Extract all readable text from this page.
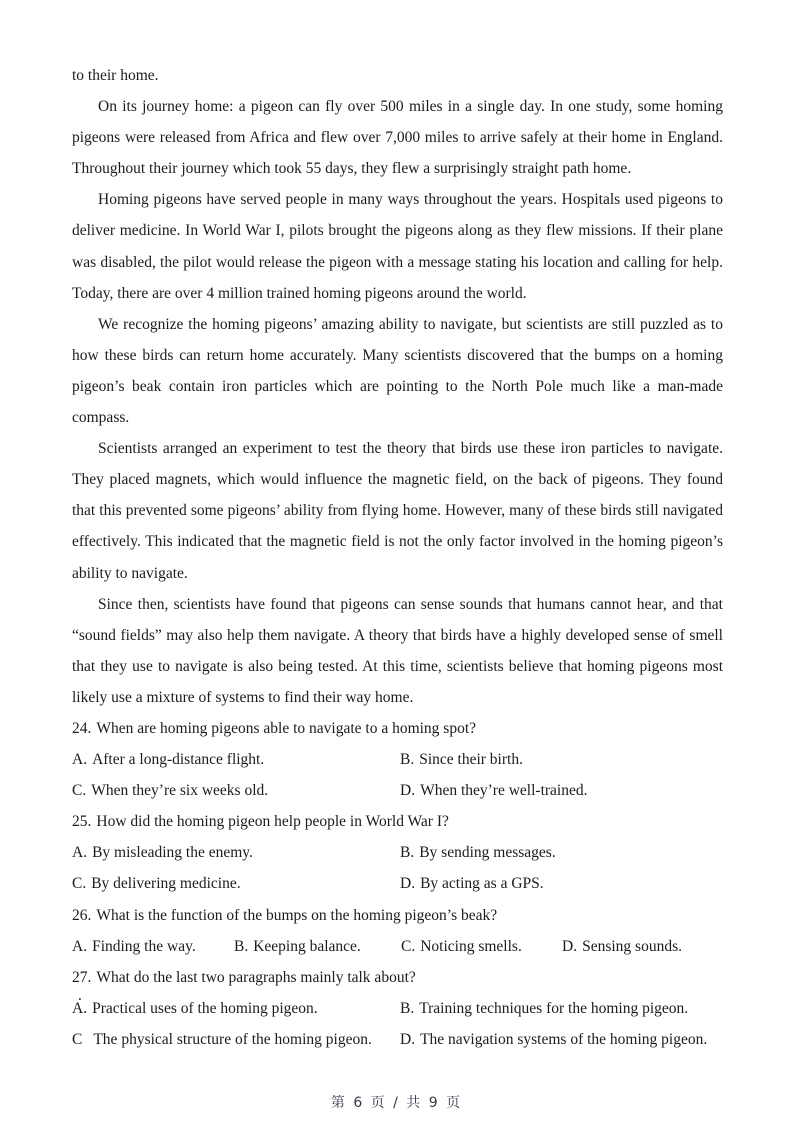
to their home.

On its journey home: a pigeon can fly over 500 miles in a single day. In one study, some homing pigeons were released from Africa and flew over 7,000 miles to arrive safely at their home in England. Throughout their journey which took 55 days, they flew a surprisingly straight path home.

Homing pigeons have served people in many ways throughout the years. Hospitals used pigeons to deliver medicine. In World War I, pilots brought the pigeons along as they flew missions. If their plane was disabled, the pilot would release the pigeon with a message stating his location and calling for help. Today, there are over 4 million trained homing pigeons around the world.

We recognize the homing pigeons’ amazing ability to navigate, but scientists are still puzzled as to how these birds can return home accurately. Many scientists discovered that the bumps on a homing pigeon’s beak contain iron particles which are pointing to the North Pole much like a man-made compass.

Scientists arranged an experiment to test the theory that birds use these iron particles to navigate. They placed magnets, which would influence the magnetic field, on the back of pigeons. They found that this prevented some pigeons’ ability from flying home. However, many of these birds still navigated effectively. This indicated that the magnetic field is not the only factor involved in the homing pigeon’s ability to navigate.

Since then, scientists have found that pigeons can sense sounds that humans cannot hear, and that “sound fields” may also help them navigate. A theory that birds have a highly developed sense of smell that they use to navigate is also being tested. At this time, scientists believe that homing pigeons most likely use a mixture of systems to find their way home.

24. When are homing pigeons able to navigate to a homing spot?
A. After a long-distance flight.	B. Since their birth.
C. When they’re six weeks old.	D. When they’re well-trained.
25. How did the homing pigeon help people in World War I?
A. By misleading the enemy.	B. By sending messages.
C. By delivering medicine.	D. By acting as a GPS.
26. What is the function of the bumps on the homing pigeon’s beak?
A. Finding the way.	B. Keeping balance.	C. Noticing smells.	D. Sensing sounds.
27. What do the last two paragraphs mainly talk about?
A. Practical uses of the homing pigeon.	B. Training techniques for the homing pigeon.
C The physical structure of the homing pigeon.	D. The navigation systems of the homing pigeon.
.
第 6 页 / 共 9 页
